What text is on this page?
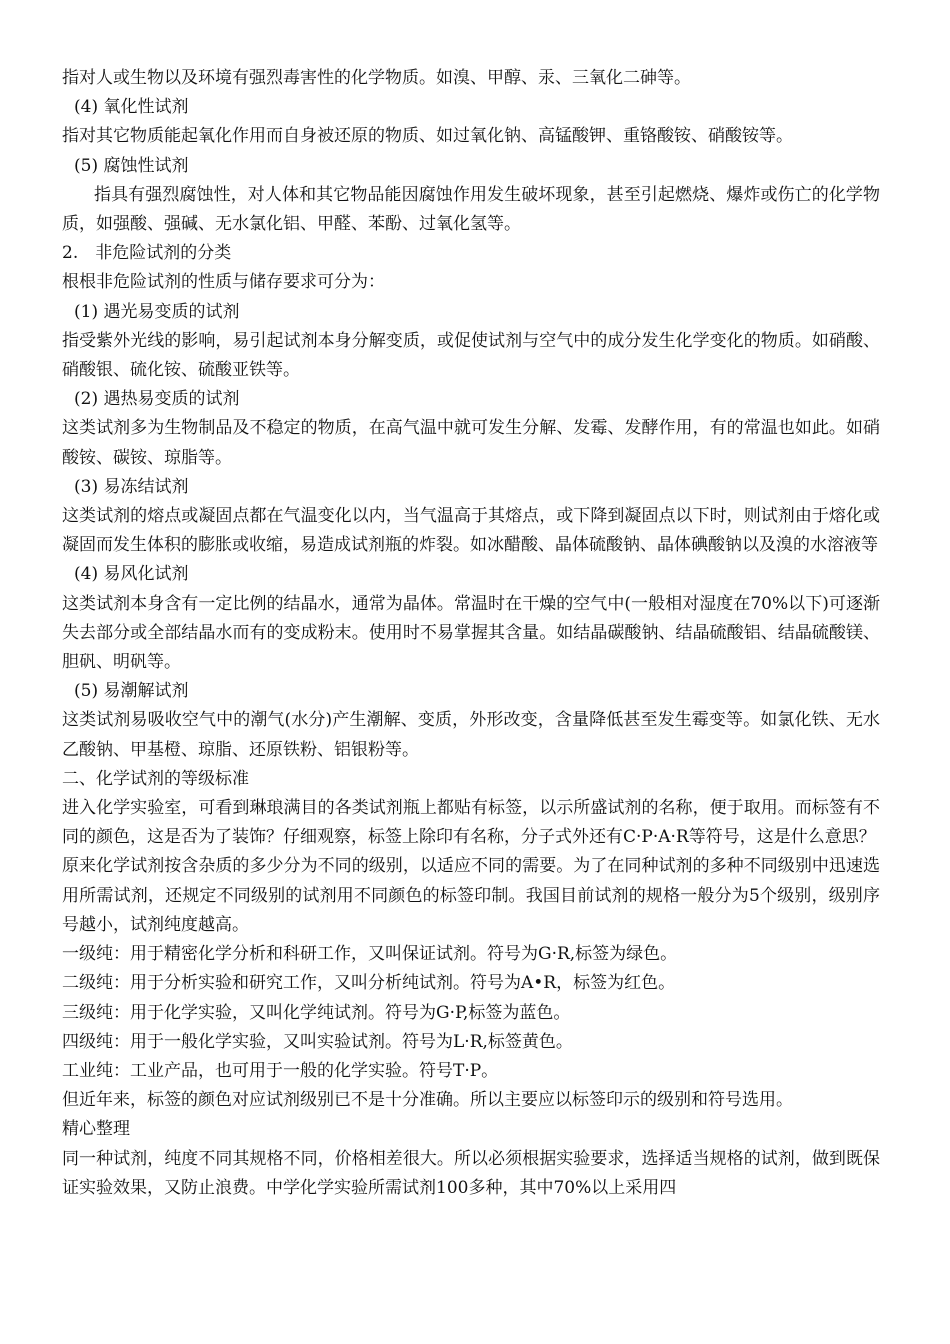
指对人或生物以及环境有强烈毒害性的化学物质。如溴、甲醇、汞、三氧化二砷等。

(4) 氧化性试剂

指对其它物质能起氧化作用而自身被还原的物质、如过氧化钠、高锰酸钾、重铬酸铵、硝酸铵等。

(5) 腐蚀性试剂

指具有强烈腐蚀性，对人体和其它物品能因腐蚀作用发生破坏现象，甚至引起燃烧、爆炸或伤亡的化学物质，如强酸、强碱、无水氯化铝、甲醛、苯酚、过氧化氢等。

2.　非危险试剂的分类

根根非危险试剂的性质与储存要求可分为：

(1) 遇光易变质的试剂

指受紫外光线的影响，易引起试剂本身分解变质，或促使试剂与空气中的成分发生化学变化的物质。如硝酸、硝酸银、硫化铵、硫酸亚铁等。

(2) 遇热易变质的试剂

这类试剂多为生物制品及不稳定的物质，在高气温中就可发生分解、发霉、发酵作用，有的常温也如此。如硝酸铵、碳铵、琼脂等。

(3) 易冻结试剂

这类试剂的熔点或凝固点都在气温变化以内，当气温高于其熔点，或下降到凝固点以下时，则试剂由于熔化或凝固而发生体积的膨胀或收缩，易造成试剂瓶的炸裂。如冰醋酸、晶体硫酸钠、晶体碘酸钠以及溴的水溶液等

(4) 易风化试剂

这类试剂本身含有一定比例的结晶水，通常为晶体。常温时在干燥的空气中(一般相对湿度在70%以下)可逐渐失去部分或全部结晶水而有的变成粉末。使用时不易掌握其含量。如结晶碳酸钠、结晶硫酸铝、结晶硫酸镁、胆矾、明矾等。

(5) 易潮解试剂

这类试剂易吸收空气中的潮气(水分)产生潮解、变质，外形改变，含量降低甚至发生霉变等。如氯化铁、无水乙酸钠、甲基橙、琼脂、还原铁粉、铝银粉等。

二、化学试剂的等级标准

进入化学实验室，可看到琳琅满目的各类试剂瓶上都贴有标签，以示所盛试剂的名称，便于取用。而标签有不同的颜色，这是否为了装饰？仔细观察，标签上除印有名称，分子式外还有C·P·A·R等符号，这是什么意思？

原来化学试剂按含杂质的多少分为不同的级别，以适应不同的需要。为了在同种试剂的多种不同级别中迅速选用所需试剂，还规定不同级别的试剂用不同颜色的标签印制。我国目前试剂的规格一般分为5个级别，级别序号越小，试剂纯度越高。

一级纯：用于精密化学分析和科研工作，又叫保证试剂。符号为G·R,标签为绿色。

二级纯：用于分析实验和研究工作，又叫分析纯试剂。符号为A•R，标签为红色。

三级纯：用于化学实验，又叫化学纯试剂。符号为G·P,标签为蓝色。

四级纯：用于一般化学实验，又叫实验试剂。符号为L·R,标签黄色。

工业纯：工业产品，也可用于一般的化学实验。符号T·P。

但近年来，标签的颜色对应试剂级别已不是十分准确。所以主要应以标签印示的级别和符号选用。

精心整理

同一种试剂，纯度不同其规格不同，价格相差很大。所以必须根据实验要求，选择适当规格的试剂，做到既保证实验效果，又防止浪费。中学化学实验所需试剂100多种，其中70%以上采用四
